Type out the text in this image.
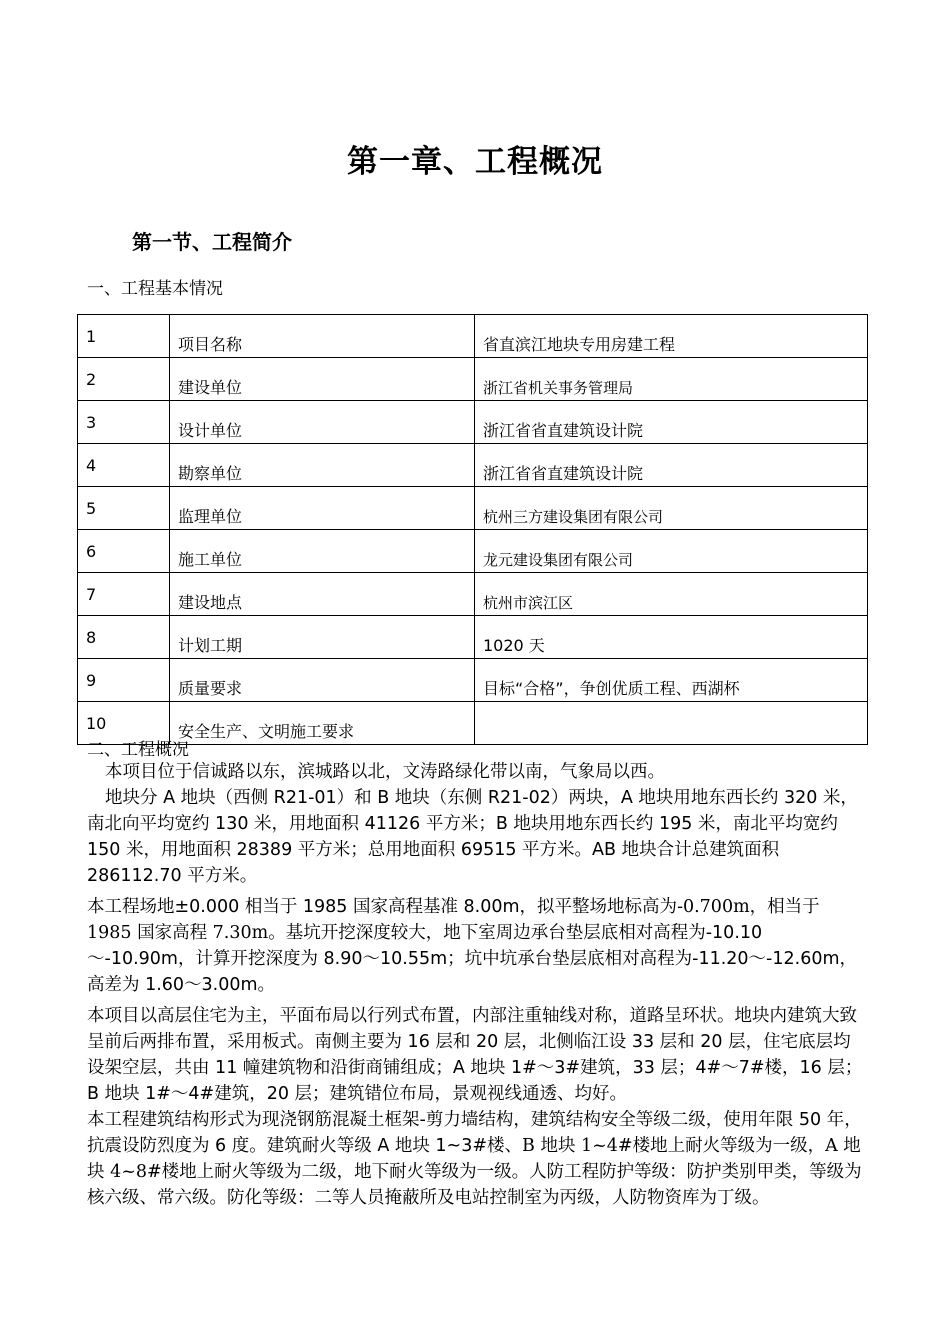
第一章、工程概况
第一节、工程简介
一、工程基本情况
1	项目名称	省直滨江地块专用房建工程
2	建设单位	浙江省机关事务管理局
3	设计单位	浙江省省直建筑设计院
4	勘察单位	浙江省省直建筑设计院
5	监理单位	杭州三方建设集团有限公司
6	施工单位	龙元建设集团有限公司
7	建设地点	杭州市滨江区
8	计划工期	1020 天
9	质量要求	目标“合格”，争创优质工程、西湖杯
10	安全生产、文明施工要求	
二、工程概况

本项目位于信诚路以东，滨城路以北，文涛路绿化带以南，气象局以西。

地块分 A 地块（西侧 R21-01）和 B 地块（东侧 R21-02）两块，A 地块用地东西长约 320 米，南北向平均宽约 130 米，用地面积 41126 平方米；B 地块用地东西长约 195 米，南北平均宽约 150 米，用地面积 28389 平方米；总用地面积 69515 平方米。AB 地块合计总建筑面积 286112.70 平方米。

本工程场地±0.000 相当于 1985 国家高程基准 8.00m，拟平整场地标高为-0.700m，相当于 1985 国家高程 7.30m。基坑开挖深度较大，地下室周边承台垫层底相对高程为-10.10～-10.90m，计算开挖深度为 8.90～10.55m；坑中坑承台垫层底相对高程为-11.20～-12.60m，高差为 1.60～3.00m。

本项目以高层住宅为主，平面布局以行列式布置，内部注重轴线对称，道路呈环状。地块内建筑大致呈前后两排布置，采用板式。南侧主要为 16 层和 20 层，北侧临江设 33 层和 20 层，住宅底层均设架空层，共由 11 幢建筑物和沿街商铺组成；A 地块 1#～3#建筑，33 层；4#～7#楼，16 层；B 地块 1#～4#建筑，20 层；建筑错位布局，景观视线通透、均好。

本工程建筑结构形式为现浇钢筋混凝土框架-剪力墙结构，建筑结构安全等级二级，使用年限 50 年，抗震设防烈度为 6 度。建筑耐火等级 A 地块 1~3#楼、B 地块 1~4#楼地上耐火等级为一级，A 地块 4~8#楼地上耐火等级为二级，地下耐火等级为一级。人防工程防护等级：防护类别甲类，等级为核六级、常六级。防化等级：二等人员掩蔽所及电站控制室为丙级，人防物资库为丁级。
